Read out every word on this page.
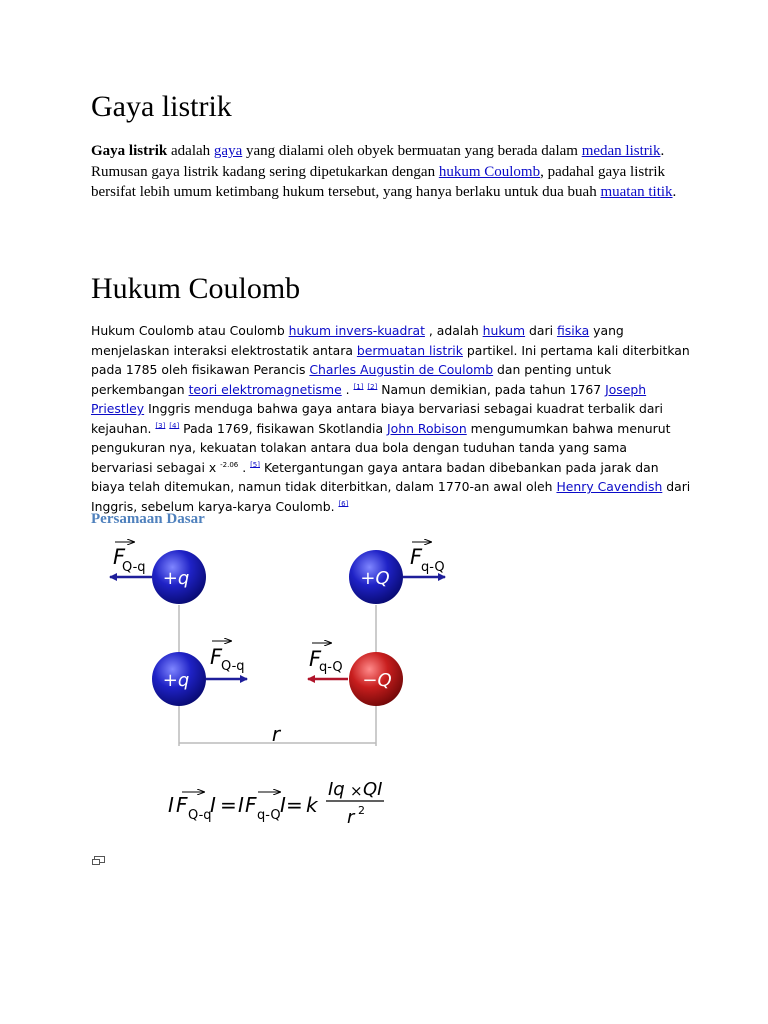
Gaya listrik

Gaya listrik adalah gaya yang dialami oleh obyek bermuatan yang berada dalam medan listrik. Rumusan gaya listrik kadang sering dipetukarkan dengan hukum Coulomb, padahal gaya listrik bersifat lebih umum ketimbang hukum tersebut, yang hanya berlaku untuk dua buah muatan titik.

Hukum Coulomb

Hukum Coulomb atau Coulomb hukum invers-kuadrat , adalah hukum dari fisika yang menjelaskan interaksi elektrostatik antara bermuatan listrik partikel. Ini pertama kali diterbitkan pada 1785 oleh fisikawan Perancis Charles Augustin de Coulomb dan penting untuk perkembangan teori elektromagnetisme . [1] [2] Namun demikian, pada tahun 1767 Joseph Priestley Inggris menduga bahwa gaya antara biaya bervariasi sebagai kuadrat terbalik dari kejauhan. [3] [4] Pada 1769, fisikawan Skotlandia John Robison mengumumkan bahwa menurut pengukuran nya, kekuatan tolakan antara dua bola dengan tuduhan tanda yang sama bervariasi sebagai x $^{-2.06}$ . [5] Ketergantungan gaya antara badan dibebankan pada jarak dan biaya telah ditemukan, namun tidak diterbitkan, dalam 1770-an awal oleh Henry Cavendish dari Inggris, sebelum karya-karya Coulomb. [6]

Persamaan Dasar
r
+q	+Q
+q	−Q
F
Q-q	F
q-Q
F
Q-q	F
q-Q
I F Q-q
I = I F q-Q I = k
Iq × QI
r 2
